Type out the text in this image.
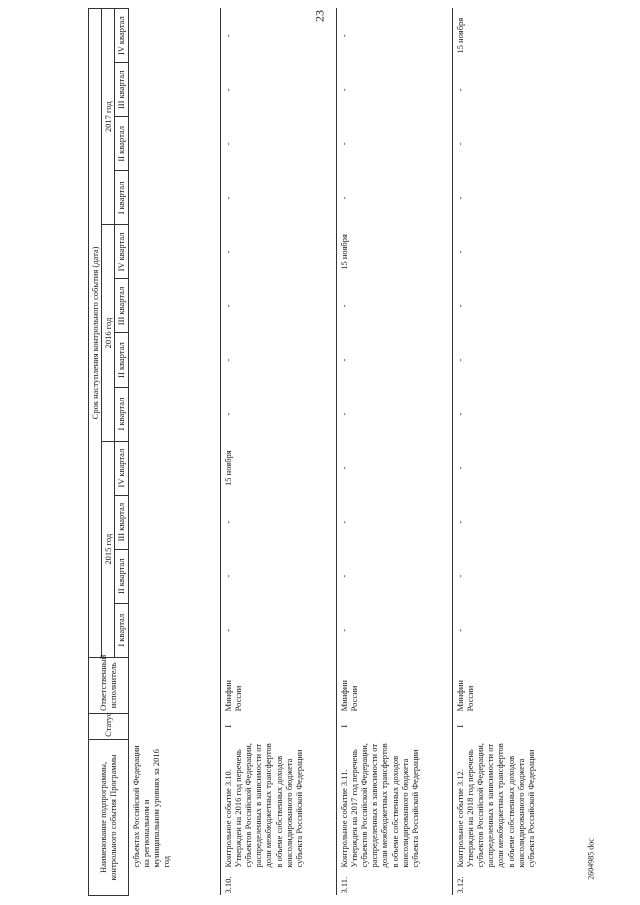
23
Наименование подпрограммы, контрольного события Программы		Статус	Ответственный исполнитель	Срок наступления контрольного события (дата)											
				2015 год				2016 год				2017 год			
				I квартал	II квартал	III квартал	IV квартал	I квартал	II квартал	III квартал	IV квартал	I квартал	II квартал	III квартал	IV квартал
	субъектах Российской Федерации на региональном и муниципальном уровнях за 2016 год														
3.10.	Контрольное событие 3.10. Утвержден на 2016 год перечень субъектов Российской Федерации, распределенных в зависимости от доли межбюджетных трансфертов в объеме собственных доходов консолидированного бюджета субъекта Российской Федерации	I	Минфин России	-	-	-	15 ноября	-	-	-	-	-	-	-	-
3.11.	Контрольное событие 3.11. Утвержден на 2017 год перечень субъектов Российской Федерации, распределенных в зависимости от доли межбюджетных трансфертов в объеме собственных доходов консолидированного бюджета субъекта Российской Федерации	I	Минфин России	-	-	-	-	-	-	-	15 ноября	-	-	-	-
3.12.	Контрольное событие 3.12. Утвержден на 2018 год перечень субъектов Российской Федерации, распределенных в зависимости от доли межбюджетных трансфертов в объеме собственных доходов консолидированного бюджета субъекта Российской Федерации	I	Минфин России	-	-	-	-	-	-	-	-	-	-	-	15 ноября
2604985 doc
